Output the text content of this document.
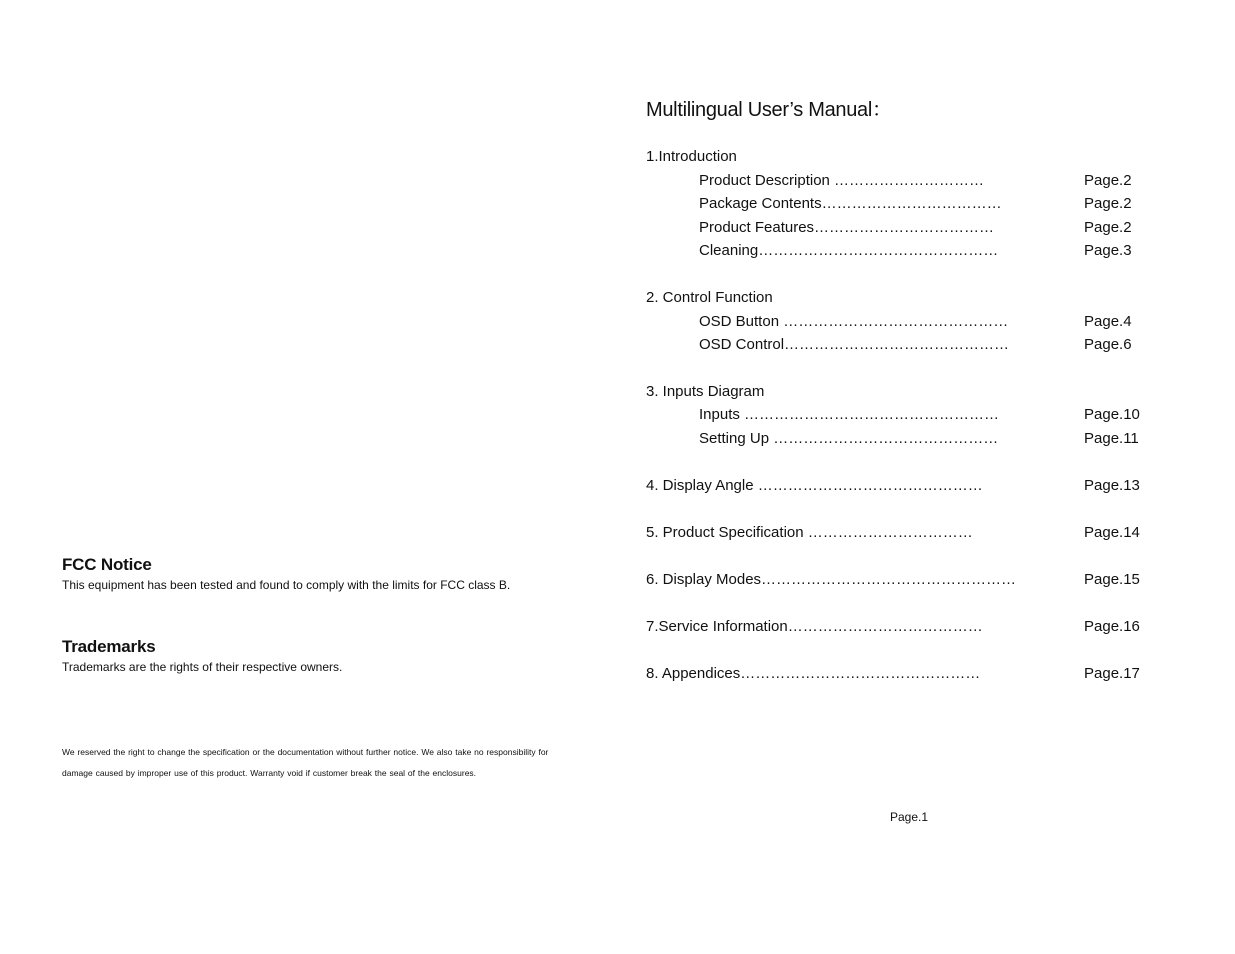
FCC Notice
This equipment has been tested and found to comply with the limits for FCC class B.
Trademarks
Trademarks are the rights of their respective owners.
We reserved the right to change the specification or the documentation without further notice. We also take no responsibility for damage caused by improper use of this product. Warranty void if customer break the seal of the enclosures.
Multilingual User’s Manual：
1.Introduction
Product Description …………………………	Page.2
Package Contents………………………………	Page.2
Product Features………………………………	Page.2
Cleaning…………………………………………	Page.3
2. Control Function
OSD Button ………………………………………	Page.4
OSD Control………………………………………	Page.6
3. Inputs Diagram
Inputs ……………………………………………	Page.10
Setting Up ………………………………………	Page.11
4. Display Angle ………………………………………	Page.13
5. Product Specification ……………………………	Page.14
6. Display Modes……………………………………………	Page.15
7.Service Information…………………………………	Page.16
8. Appendices…………………………………………	Page.17
Page.1
